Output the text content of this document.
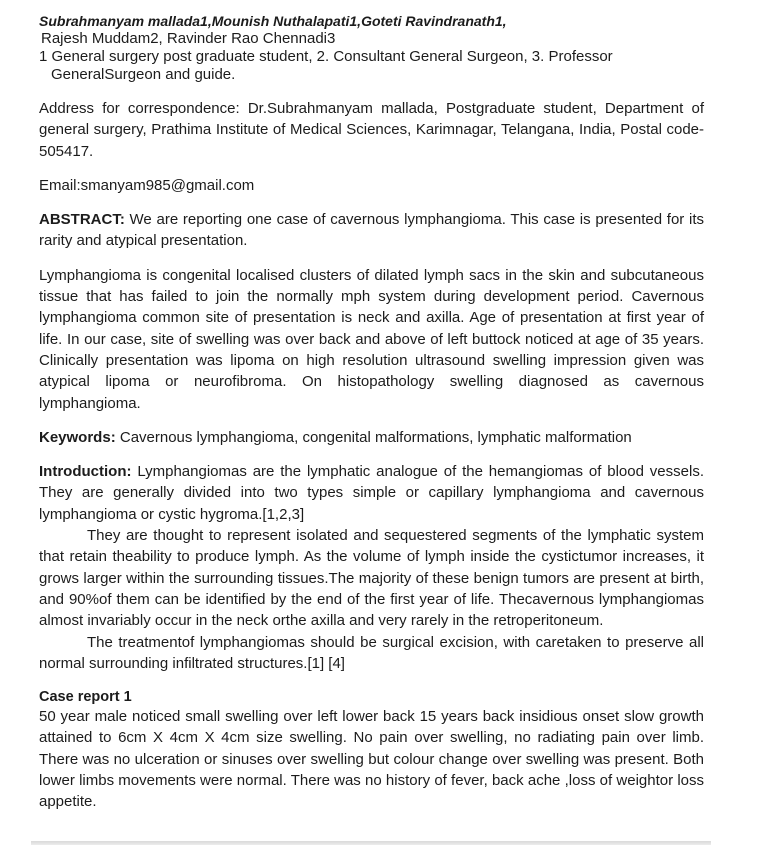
Subrahmanyam mallada1,Mounish Nuthalapati1,Goteti Ravindranath1,

Rajesh Muddam2, Ravinder Rao Chennadi3

1 General surgery post graduate student, 2. Consultant General Surgeon, 3. Professor
GeneralSurgeon and guide.

Address for correspondence: Dr.Subrahmanyam mallada, Postgraduate student, Department of general surgery, Prathima Institute of Medical Sciences, Karimnagar, Telangana, India, Postal code-505417.

Email:smanyam985@gmail.com

ABSTRACT: We are reporting one case of cavernous lymphangioma. This case is presented for its rarity and atypical presentation.

Lymphangioma is congenital localised clusters of dilated lymph sacs in the skin and subcutaneous tissue that has failed to join the normally mph system during development period. Cavernous lymphangioma common site of presentation is neck and axilla. Age of presentation at first year of life. In our case, site of swelling was over back and above of left buttock noticed at age of 35 years. Clinically presentation was lipoma on high resolution ultrasound swelling impression given was atypical lipoma or neurofibroma. On histopathology swelling diagnosed as cavernous lymphangioma.

Keywords: Cavernous lymphangioma, congenital malformations, lymphatic malformation

Introduction: Lymphangiomas are the lymphatic analogue of the hemangiomas of blood vessels. They are generally divided into two types simple or capillary lymphangioma and cavernous lymphangioma or cystic hygroma.[1,2,3]

They are thought to represent isolated and sequestered segments of the lymphatic system that retain theability to produce lymph. As the volume of lymph inside the cystictumor increases, it grows larger within the surrounding tissues.The majority of these benign tumors are present at birth, and 90%of them can be identified by the end of the first year of life. Thecavernous lymphangiomas almost invariably occur in the neck orthe axilla and very rarely in the retroperitoneum.

The treatmentof lymphangiomas should be surgical excision, with caretaken to preserve all normal surrounding infiltrated structures.[1] [4]

Case report 1

50 year male noticed small swelling over left lower back 15 years back insidious onset slow growth attained to 6cm X 4cm X 4cm size swelling. No pain over swelling, no radiating pain over limb. There was no ulceration or sinuses over swelling but colour change over swelling was present. Both lower limbs movements were normal. There was no history of fever, back ache ,loss of weightor loss appetite.
